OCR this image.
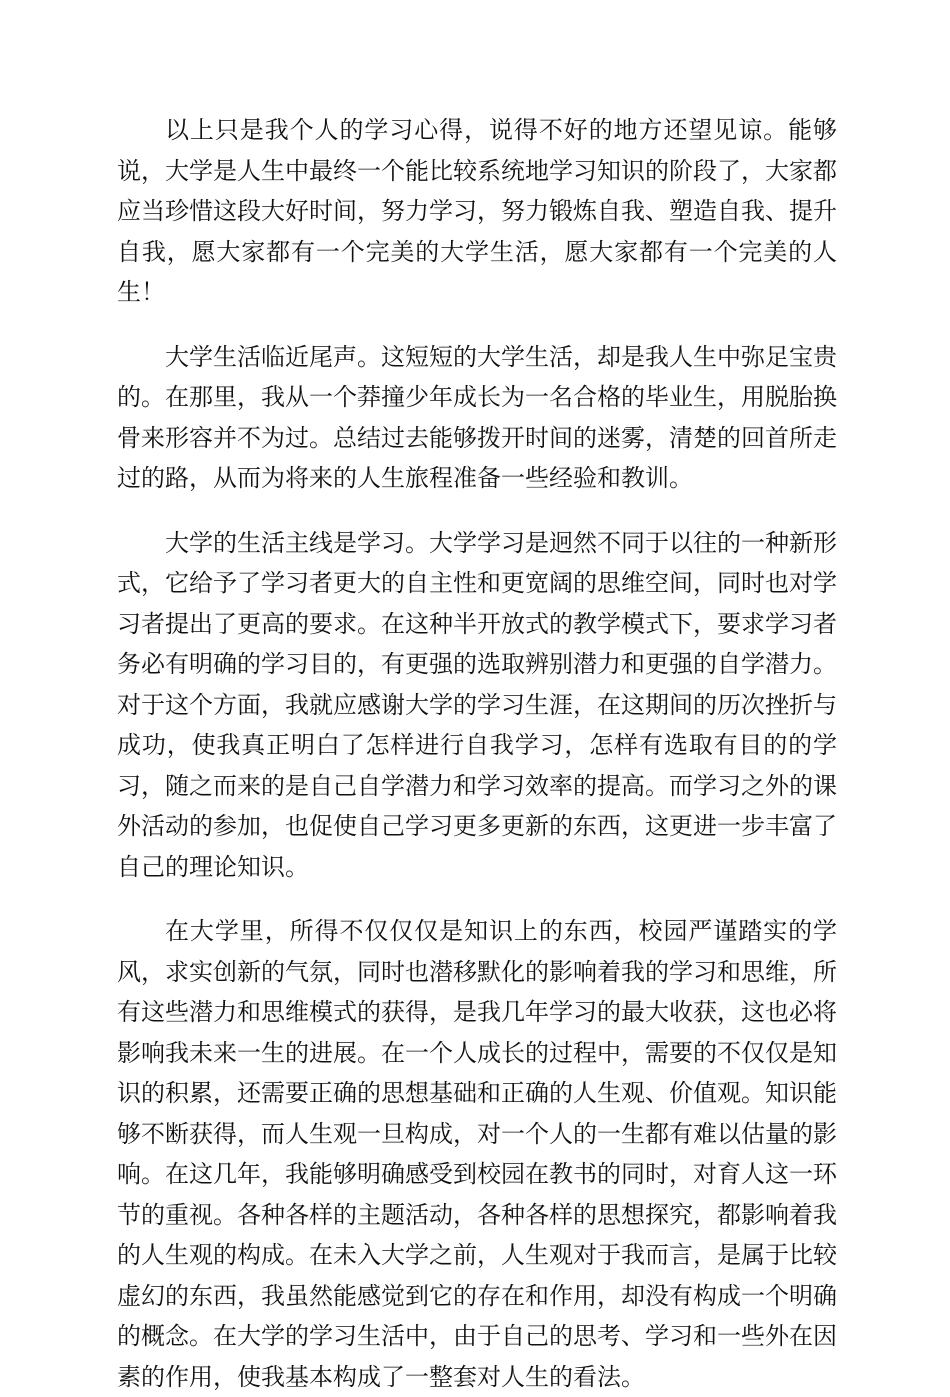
以上只是我个人的学习心得，说得不好的地方还望见谅。能够说，大学是人生中最终一个能比较系统地学习知识的阶段了，大家都应当珍惜这段大好时间，努力学习，努力锻炼自我、塑造自我、提升自我，愿大家都有一个完美的大学生活，愿大家都有一个完美的人生！

大学生活临近尾声。这短短的大学生活，却是我人生中弥足宝贵的。在那里，我从一个莽撞少年成长为一名合格的毕业生，用脱胎换骨来形容并不为过。总结过去能够拨开时间的迷雾，清楚的回首所走过的路，从而为将来的人生旅程准备一些经验和教训。

大学的生活主线是学习。大学学习是迥然不同于以往的一种新形式，它给予了学习者更大的自主性和更宽阔的思维空间，同时也对学习者提出了更高的要求。在这种半开放式的教学模式下，要求学习者务必有明确的学习目的，有更强的选取辨别潜力和更强的自学潜力。对于这个方面，我就应感谢大学的学习生涯，在这期间的历次挫折与成功，使我真正明白了怎样进行自我学习，怎样有选取有目的的学习，随之而来的是自己自学潜力和学习效率的提高。而学习之外的课外活动的参加，也促使自己学习更多更新的东西，这更进一步丰富了自己的理论知识。

在大学里，所得不仅仅仅是知识上的东西，校园严谨踏实的学风，求实创新的气氛，同时也潜移默化的影响着我的学习和思维，所有这些潜力和思维模式的获得，是我几年学习的最大收获，这也必将影响我未来一生的进展。在一个人成长的过程中，需要的不仅仅是知识的积累，还需要正确的思想基础和正确的人生观、价值观。知识能够不断获得，而人生观一旦构成，对一个人的一生都有难以估量的影响。在这几年，我能够明确感受到校园在教书的同时，对育人这一环节的重视。各种各样的主题活动，各种各样的思想探究，都影响着我的人生观的构成。在未入大学之前，人生观对于我而言，是属于比较虚幻的东西，我虽然能感觉到它的存在和作用，却没有构成一个明确的概念。在大学的学习生活中，由于自己的思考、学习和一些外在因素的作用，使我基本构成了一整套对人生的看法。
